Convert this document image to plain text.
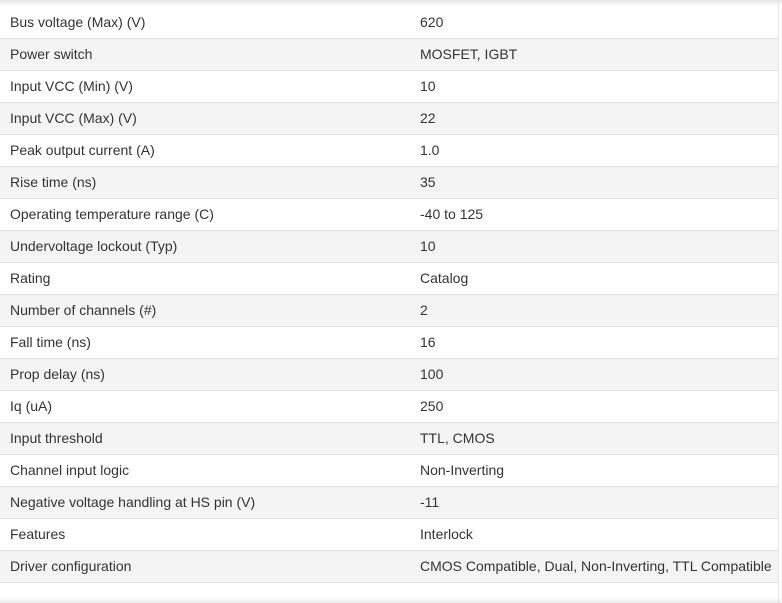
Bus voltage (Max) (V)	620
Power switch	MOSFET, IGBT
Input VCC (Min) (V)	10
Input VCC (Max) (V)	22
Peak output current (A)	1.0
Rise time (ns)	35
Operating temperature range (C)	-40 to 125
Undervoltage lockout (Typ)	10
Rating	Catalog
Number of channels (#)	2
Fall time (ns)	16
Prop delay (ns)	100
Iq (uA)	250
Input threshold	TTL, CMOS
Channel input logic	Non-Inverting
Negative voltage handling at HS pin (V)	-11
Features	Interlock
Driver configuration	CMOS Compatible, Dual, Non-Inverting, TTL Compatible
